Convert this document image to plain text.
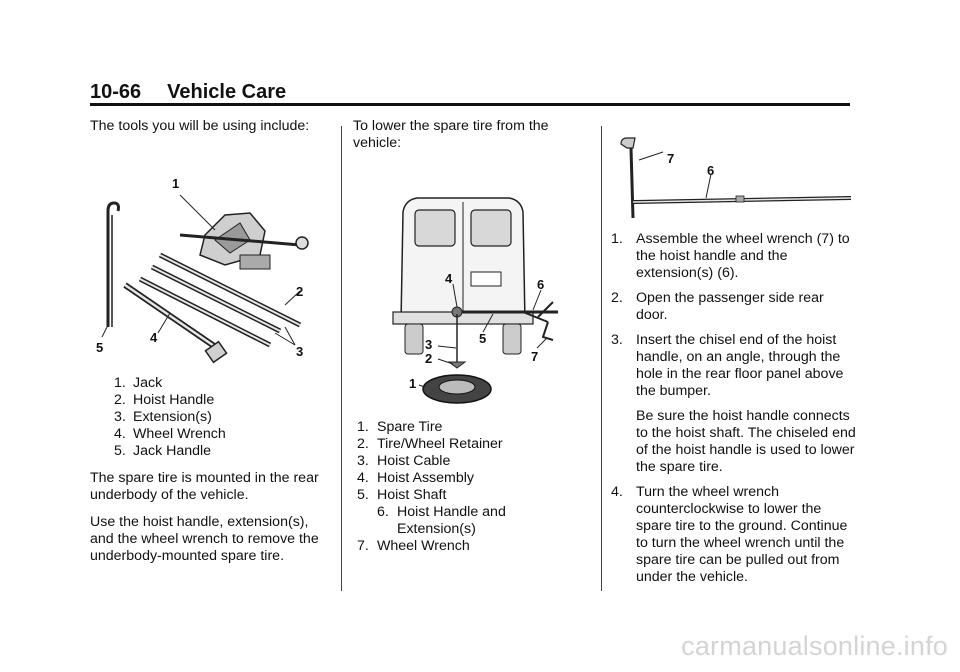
10-66 Vehicle Care

The tools you will be using include:

1
2
3
4
5
1. Jack
2. Hoist Handle
3. Extension(s)
4. Wheel Wrench
5. Jack Handle

The spare tire is mounted in the rear underbody of the vehicle.

Use the hoist handle, extension(s), and the wheel wrench to remove the underbody-mounted spare tire.

To lower the spare tire from the vehicle:

4	6
5
7
3
2
1
1. Spare Tire
2. Tire/Wheel Retainer
3. Hoist Cable
4. Hoist Assembly
5. Hoist Shaft
6. Hoist Handle and Extension(s)
7. Wheel Wrench
7
6
1. Assemble the wheel wrench (7) to the hoist handle and the extension(s) (6).
2. Open the passenger side rear door.
3. Insert the chisel end of the hoist handle, on an angle, through the hole in the rear floor panel above the bumper.

Be sure the hoist handle connects to the hoist shaft. The chiseled end of the hoist handle is used to lower the spare tire.

4. Turn the wheel wrench counterclockwise to lower the spare tire to the ground. Continue to turn the wheel wrench until the spare tire can be pulled out from under the vehicle.
carmanualsonline.info
